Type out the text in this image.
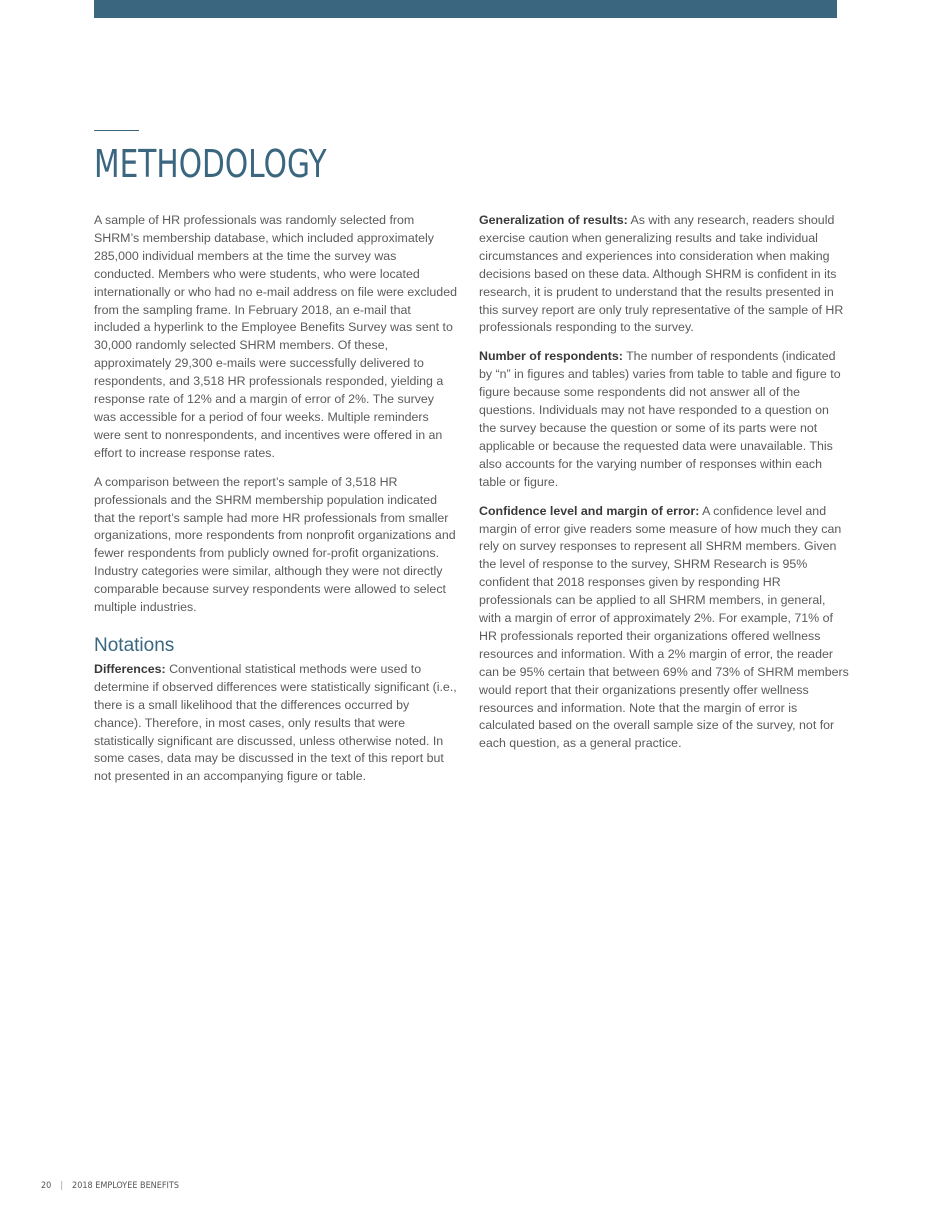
METHODOLOGY

A sample of HR professionals was randomly selected from SHRM’s membership database, which included approximately 285,000 individual members at the time the survey was conducted. Members who were students, who were located internationally or who had no e-mail address on file were excluded from the sampling frame. In February 2018, an e-mail that included a hyperlink to the Employee Benefits Survey was sent to 30,000 randomly selected SHRM members. Of these, approximately 29,300 e-mails were successfully delivered to respondents, and 3,518 HR professionals responded, yielding a response rate of 12% and a margin of error of 2%. The survey was accessible for a period of four weeks. Multiple reminders were sent to nonrespondents, and incentives were offered in an effort to increase response rates.

A comparison between the report’s sample of 3,518 HR professionals and the SHRM membership population indicated that the report’s sample had more HR professionals from smaller organizations, more respondents from nonprofit organizations and fewer respondents from publicly owned for-profit organizations. Industry categories were similar, although they were not directly comparable because survey respondents were allowed to select multiple industries.

Notations

Differences: Conventional statistical methods were used to determine if observed differences were statistically significant (i.e., there is a small likelihood that the differences occurred by chance). Therefore, in most cases, only results that were statistically significant are discussed, unless otherwise noted. In some cases, data may be discussed in the text of this report but not presented in an accompanying figure or table.

Generalization of results: As with any research, readers should exercise caution when generalizing results and take individual circumstances and experiences into consideration when making decisions based on these data. Although SHRM is confident in its research, it is prudent to understand that the results presented in this survey report are only truly representative of the sample of HR professionals responding to the survey.

Number of respondents: The number of respondents (indicated by “n” in figures and tables) varies from table to table and figure to figure because some respondents did not answer all of the questions. Individuals may not have responded to a question on the survey because the question or some of its parts were not applicable or because the requested data were unavailable. This also accounts for the varying number of responses within each table or figure.

Confidence level and margin of error: A confidence level and margin of error give readers some measure of how much they can rely on survey responses to represent all SHRM members. Given the level of response to the survey, SHRM Research is 95% confident that 2018 responses given by responding HR professionals can be applied to all SHRM members, in general, with a margin of error of approximately 2%. For example, 71% of HR professionals reported their organizations offered wellness resources and information. With a 2% margin of error, the reader can be 95% certain that between 69% and 73% of SHRM members would report that their organizations presently offer wellness resources and information. Note that the margin of error is calculated based on the overall sample size of the survey, not for each question, as a general practice.

20 | 2018 EMPLOYEE BENEFITS
